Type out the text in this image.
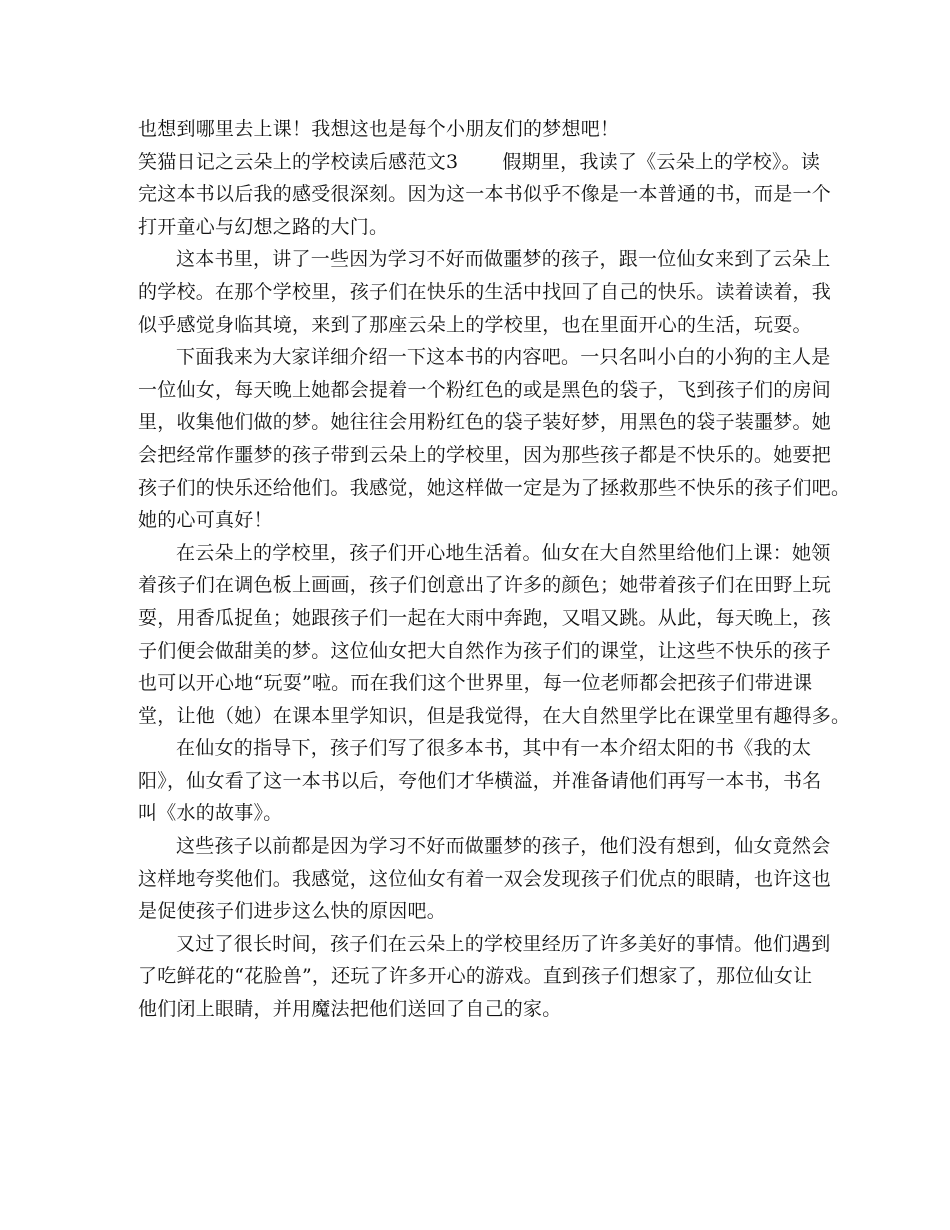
也想到哪里去上课！我想这也是每个小朋友们的梦想吧！
笑猫日记之云朵上的学校读后感范文3 假期里，我读了《云朵上的学校》。读
完这本书以后我的感受很深刻。因为这一本书似乎不像是一本普通的书，而是一个
打开童心与幻想之路的大门。
这本书里，讲了一些因为学习不好而做噩梦的孩子，跟一位仙女来到了云朵上
的学校。在那个学校里，孩子们在快乐的生活中找回了自己的快乐。读着读着，我
似乎感觉身临其境，来到了那座云朵上的学校里，也在里面开心的生活，玩耍。
下面我来为大家详细介绍一下这本书的内容吧。一只名叫小白的小狗的主人是
一位仙女，每天晚上她都会提着一个粉红色的或是黑色的袋子，飞到孩子们的房间
里，收集他们做的梦。她往往会用粉红色的袋子装好梦，用黑色的袋子装噩梦。她
会把经常作噩梦的孩子带到云朵上的学校里，因为那些孩子都是不快乐的。她要把
孩子们的快乐还给他们。我感觉，她这样做一定是为了拯救那些不快乐的孩子们吧。
她的心可真好！
在云朵上的学校里，孩子们开心地生活着。仙女在大自然里给他们上课：她领
着孩子们在调色板上画画，孩子们创意出了许多的颜色；她带着孩子们在田野上玩
耍，用香瓜捉鱼；她跟孩子们一起在大雨中奔跑，又唱又跳。从此，每天晚上，孩
子们便会做甜美的梦。这位仙女把大自然作为孩子们的课堂，让这些不快乐的孩子
也可以开心地“玩耍”啦。而在我们这个世界里，每一位老师都会把孩子们带进课
堂，让他（她）在课本里学知识，但是我觉得，在大自然里学比在课堂里有趣得多。
在仙女的指导下，孩子们写了很多本书，其中有一本介绍太阳的书《我的太
阳》，仙女看了这一本书以后，夸他们才华横溢，并准备请他们再写一本书，书名
叫《水的故事》。
这些孩子以前都是因为学习不好而做噩梦的孩子，他们没有想到，仙女竟然会
这样地夸奖他们。我感觉，这位仙女有着一双会发现孩子们优点的眼睛，也许这也
是促使孩子们进步这么快的原因吧。
又过了很长时间，孩子们在云朵上的学校里经历了许多美好的事情。他们遇到
了吃鲜花的“花脸兽”，还玩了许多开心的游戏。直到孩子们想家了，那位仙女让
他们闭上眼睛，并用魔法把他们送回了自己的家。
